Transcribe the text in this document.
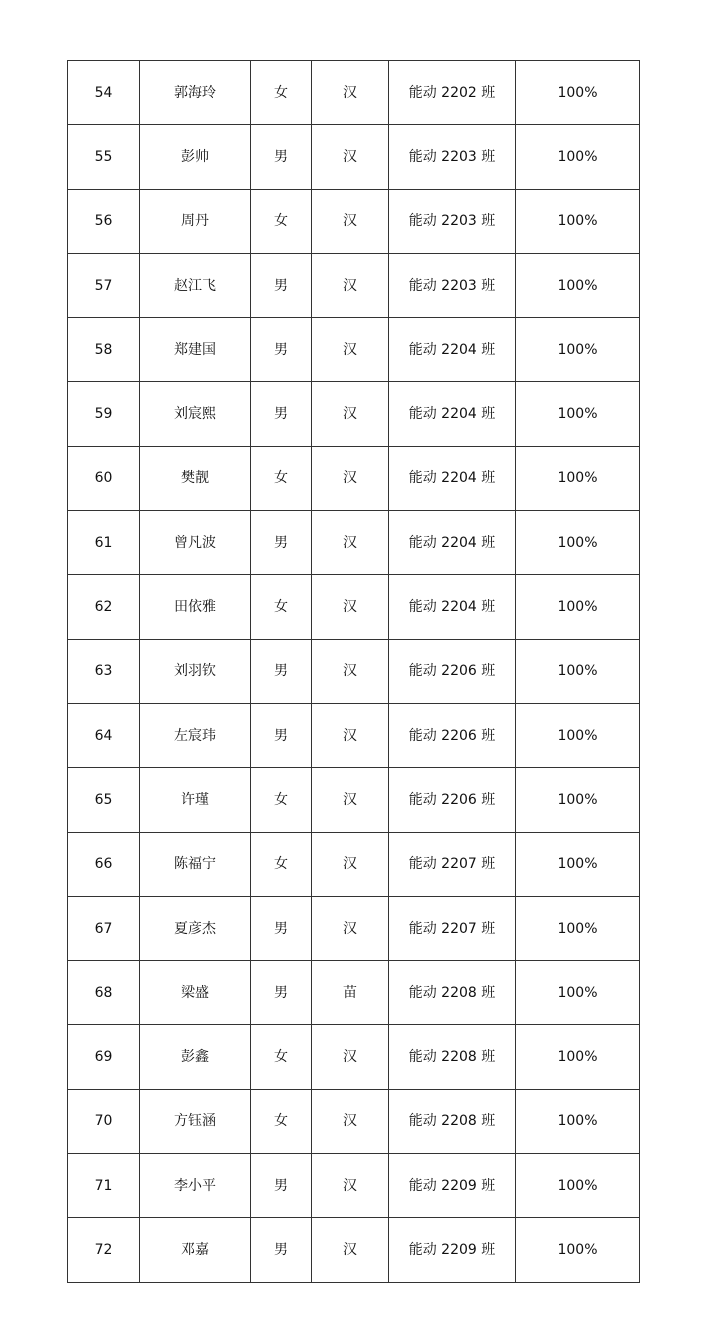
54	郭海玲	女	汉	能动 2202 班	100%
55	彭帅	男	汉	能动 2203 班	100%
56	周丹	女	汉	能动 2203 班	100%
57	赵江飞	男	汉	能动 2203 班	100%
58	郑建国	男	汉	能动 2204 班	100%
59	刘宸熙	男	汉	能动 2204 班	100%
60	樊靓	女	汉	能动 2204 班	100%
61	曾凡波	男	汉	能动 2204 班	100%
62	田依雅	女	汉	能动 2204 班	100%
63	刘羽钦	男	汉	能动 2206 班	100%
64	左宸玮	男	汉	能动 2206 班	100%
65	许瑾	女	汉	能动 2206 班	100%
66	陈福宁	女	汉	能动 2207 班	100%
67	夏彦杰	男	汉	能动 2207 班	100%
68	梁盛	男	苗	能动 2208 班	100%
69	彭鑫	女	汉	能动 2208 班	100%
70	方钰涵	女	汉	能动 2208 班	100%
71	李小平	男	汉	能动 2209 班	100%
72	邓嘉	男	汉	能动 2209 班	100%
